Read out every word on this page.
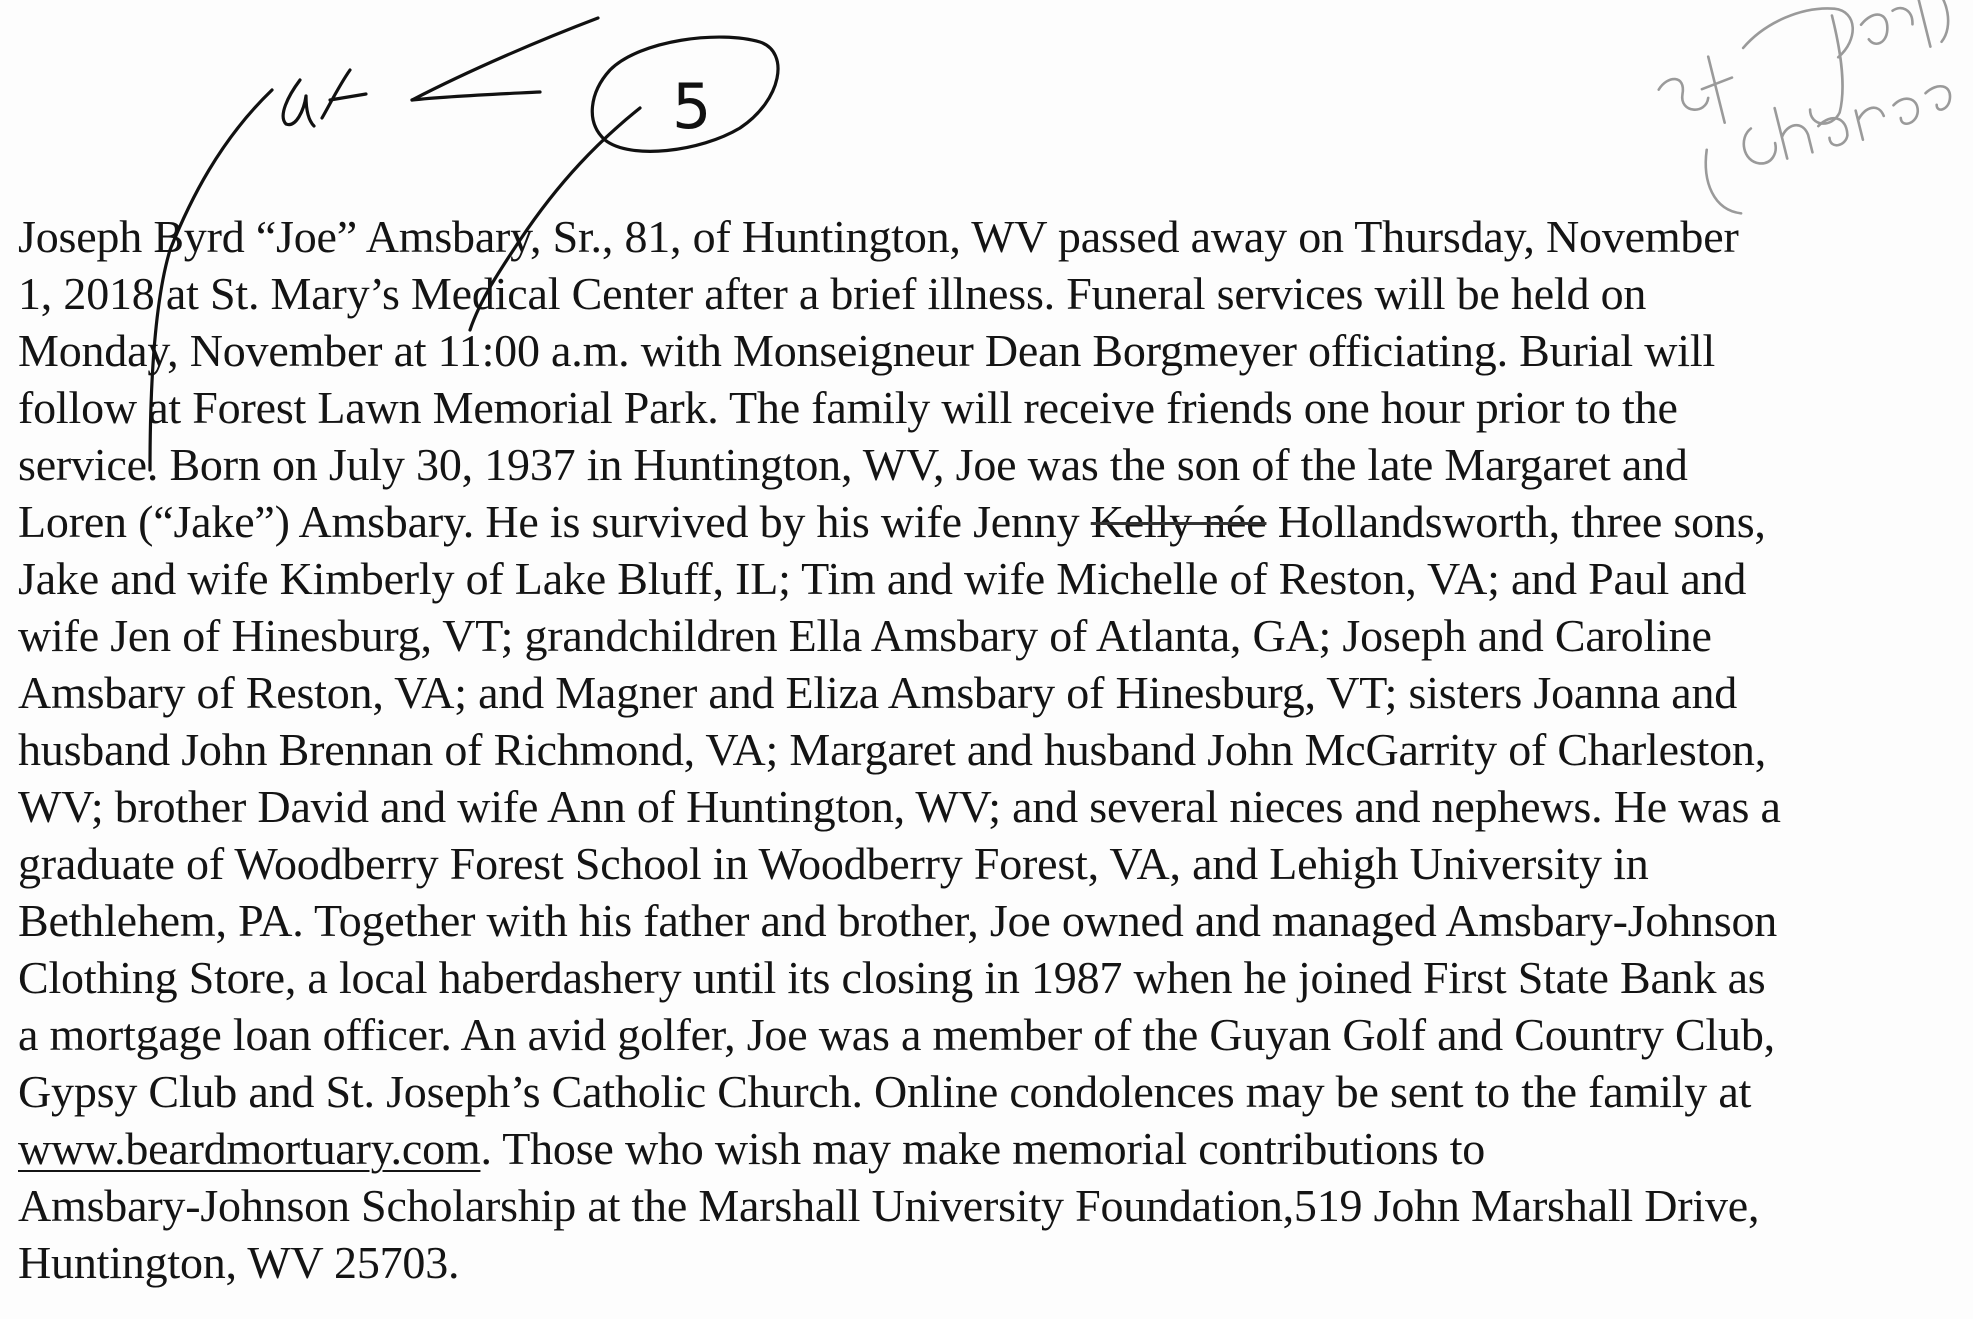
Joseph Byrd “Joe” Amsbary, Sr., 81, of Huntington, WV passed away on Thursday, November
1, 2018 at St. Mary’s Medical Center after a brief illness. Funeral services will be held on
Monday, November at 11:00 a.m. with Monseigneur Dean Borgmeyer officiating. Burial will
follow at Forest Lawn Memorial Park. The family will receive friends one hour prior to the
service. Born on July 30, 1937 in Huntington, WV, Joe was the son of the late Margaret and
Loren (“Jake”) Amsbary. He is survived by his wife Jenny Kelly née Hollandsworth, three sons,
Jake and wife Kimberly of Lake Bluff, IL; Tim and wife Michelle of Reston, VA; and Paul and
wife Jen of Hinesburg, VT; grandchildren Ella Amsbary of Atlanta, GA; Joseph and Caroline
Amsbary of Reston, VA; and Magner and Eliza Amsbary of Hinesburg, VT; sisters Joanna and
husband John Brennan of Richmond, VA; Margaret and husband John McGarrity of Charleston,
WV; brother David and wife Ann of Huntington, WV; and several nieces and nephews. He was a
graduate of Woodberry Forest School in Woodberry Forest, VA, and Lehigh University in
Bethlehem, PA. Together with his father and brother, Joe owned and managed Amsbary-Johnson
Clothing Store, a local haberdashery until its closing in 1987 when he joined First State Bank as
a mortgage loan officer. An avid golfer, Joe was a member of the Guyan Golf and Country Club,
Gypsy Club and St. Joseph’s Catholic Church. Online condolences may be sent to the family at
www.beardmortuary.com. Those who wish may make memorial contributions to
Amsbary-Johnson Scholarship at the Marshall University Foundation,519 John Marshall Drive,
Huntington, WV 25703.
5
